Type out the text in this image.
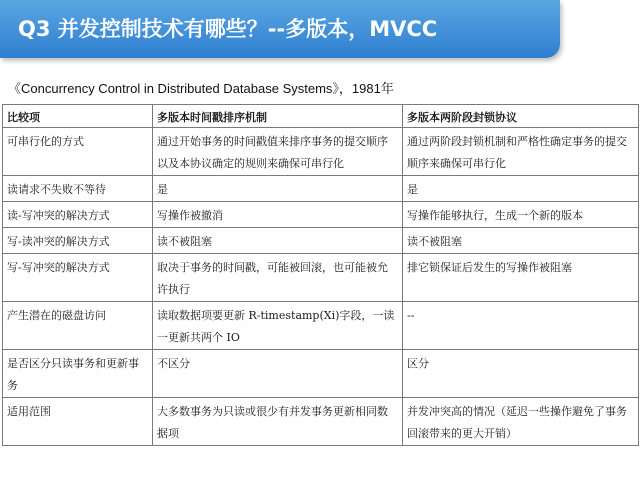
Q3 并发控制技术有哪些？--多版本，MVCC
《Concurrency Control in Distributed Database Systems》，1981年
比较项	多版本时间戳排序机制	多版本两阶段封锁协议
可串行化的方式	通过开始事务的时间戳值来排序事务的提交顺序以及本协议确定的规则来确保可串行化	通过两阶段封锁机制和严格性确定事务的提交顺序来确保可串行化
读请求不失败不等待	是	是
读-写冲突的解决方式	写操作被撤消	写操作能够执行，生成一个新的版本
写-读冲突的解决方式	读不被阻塞	读不被阻塞
写-写冲突的解决方式	取决于事务的时间戳，可能被回滚，也可能被允许执行	排它锁保证后发生的写操作被阻塞
产生潜在的磁盘访问	读取数据项要更新 R-timestamp(Xi)字段，一读一更新共两个 IO	--
是否区分只读事务和更新事务	不区分	区分
适用范围	大多数事务为只读或很少有并发事务更新相同数据项	并发冲突高的情况（延迟一些操作避免了事务回滚带来的更大开销）
